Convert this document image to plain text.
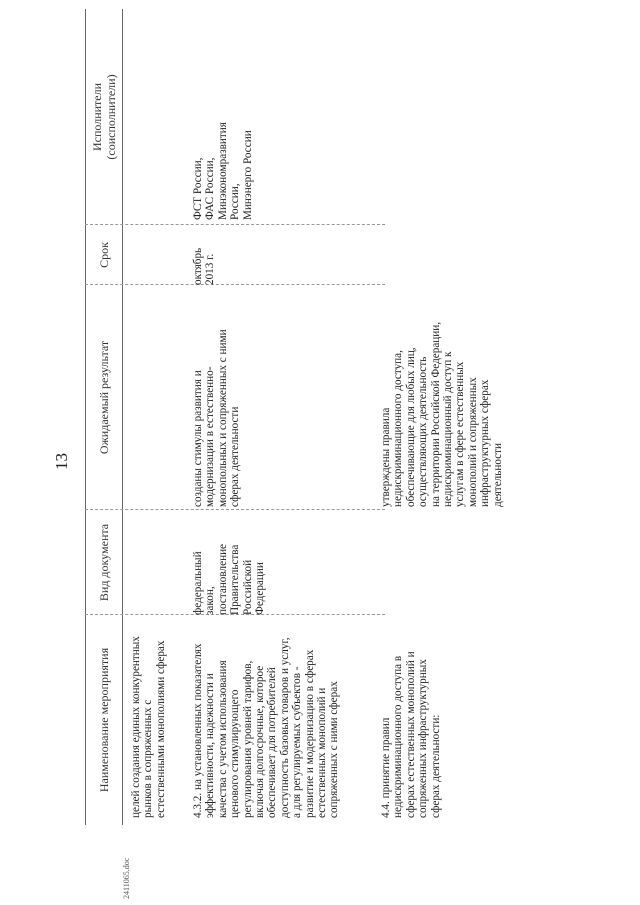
13
Наименование мероприятия
Вид документа
Ожидаемый результат
Срок
Исполнители
(соисполнители)
целей создания единых конкурентных
рынков в сопряженных с
естественными монополиями сферах
4.3.2. на установленных показателях
эффективности, надежности и
качества с учетом использования
ценового стимулирующего
регулирования уровней тарифов,
включая долгосрочные, которое
обеспечивает для потребителей
доступность базовых товаров и услуг,
а для регулируемых субъектов -
развитие и модернизацию в сферах
естественных монополий и
сопряженных с ними сферах
федеральный
закон,
постановление
Правительства
Российской
Федерации
созданы стимулы развития и
модернизации в естественно-
монопольных и сопряженных с ними
сферах деятельности
октябрь
2013 г.
ФСТ России,
ФАС России,
Минэкономразвития
России,
Минэнерго России
4.4. принятие правил
недискриминационного доступа в
сферах естественных монополий и
сопряженных инфраструктурных
сферах деятельности:
утверждены правила
недискриминационного доступа,
обеспечивающие для любых лиц,
осуществляющих деятельность
на территории Российской Федерации,
недискриминационный доступ к
услугам в сфере естественных
монополий и сопряженных
инфраструктурных сферах
деятельности
2411065.doc
